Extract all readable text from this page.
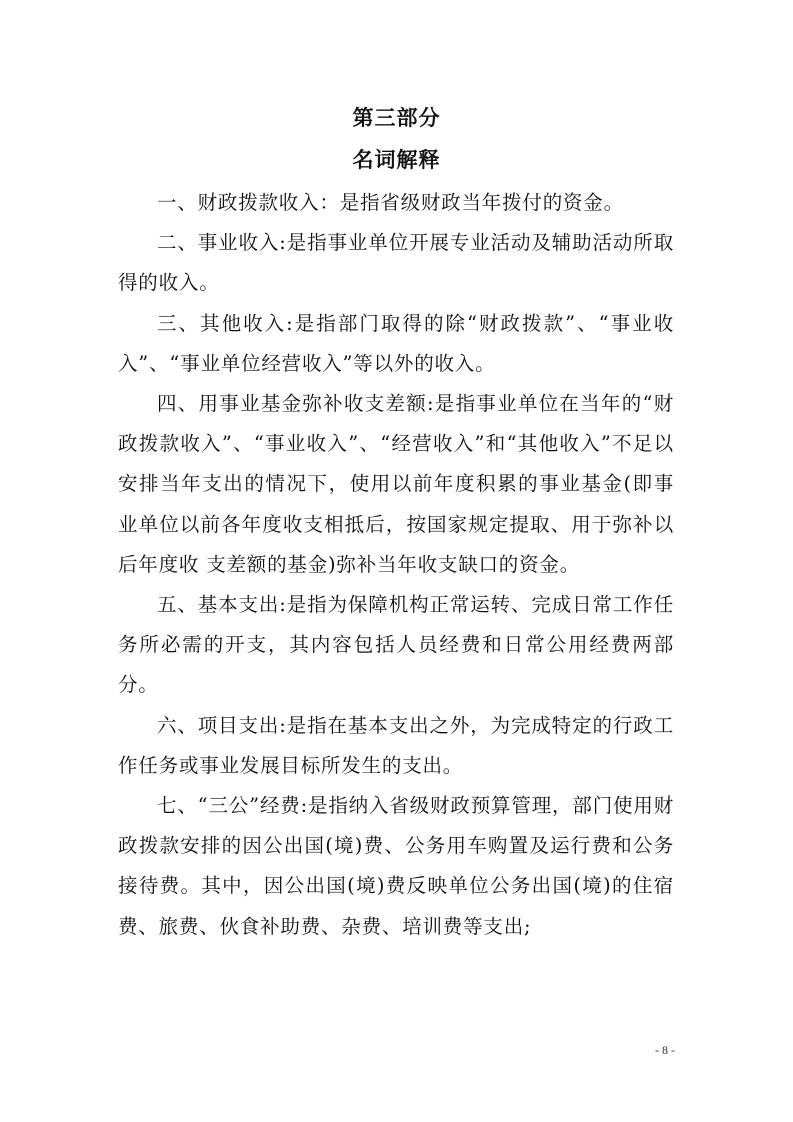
第三部分
名词解释

一、财政拨款收入：是指省级财政当年拨付的资金。

二、事业收入:是指事业单位开展专业活动及辅助活动所取 得的收入。

三、其他收入:是指部门取得的除“财政拨款”、“事业收入”、“事业单位经营收入”等以外的收入。

四、用事业基金弥补收支差额:是指事业单位在当年的“财政拨款收入”、“事业收入”、“经营收入”和“其他收入”不足以安排当年支出的情况下，使用以前年度积累的事业基金(即事业单位以前各年度收支相抵后，按国家规定提取、用于弥补以后年度收 支差额的基金)弥补当年收支缺口的资金。

五、基本支出:是指为保障机构正常运转、完成日常工作任务所必需的开支，其内容包括人员经费和日常公用经费两部分。

六、项目支出:是指在基本支出之外，为完成特定的行政工作任务或事业发展目标所发生的支出。

七、“三公”经费:是指纳入省级财政预算管理，部门使用财政拨款安排的因公出国(境)费、公务用车购置及运行费和公务接待费。其中，因公出国(境)费反映单位公务出国(境)的住宿费、旅费、伙食补助费、杂费、培训费等支出;

- 8 -
